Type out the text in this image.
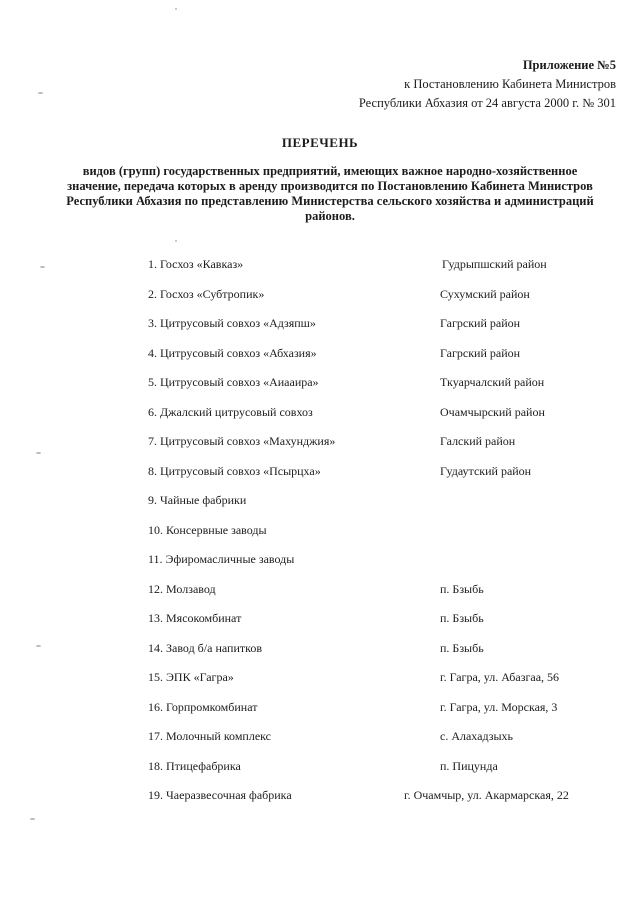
Приложение №5
к Постановлению Кабинета Министров
Республики Абхазия от 24 августа 2000 г. № 301
ПЕРЕЧЕНЬ
видов (групп) государственных предприятий, имеющих важное народно-хозяйственное значение, передача которых в аренду производится по Постановлению Кабинета Министров Республики Абхазия по представлению Министерства сельского хозяйства и администраций районов.
1. Госхоз «Кавказ»	Гудрыпшский район
2. Госхоз «Субтропик»	Сухумский район
3. Цитрусовый совхоз «Адзяпш»	Гагрский район
4. Цитрусовый совхоз «Абхазия»	Гагрский район
5. Цитрусовый совхоз «Аиааира»	Ткуарчалский район
6. Джалский цитрусовый совхоз	Очамчырский район
7. Цитрусовый совхоз «Махунджия»	Галский район
8. Цитрусовый совхоз «Псырцха»	Гудаутский район
9. Чайные фабрики
10. Консервные заводы
11. Эфиромасличные заводы
12. Молзавод	п. Бзыбь
13. Мясокомбинат	п. Бзыбь
14. Завод б/а напитков	п. Бзыбь
15. ЭПК «Гагра»	г. Гагра, ул. Абазгаа, 56
16. Горпромкомбинат	г. Гагра, ул. Морская, 3
17. Молочный комплекс	с. Алахадзыхь
18. Птицефабрика	п. Пицунда
19. Чаеразвесочная фабрика	г. Очамчыр, ул. Акармарская, 22
